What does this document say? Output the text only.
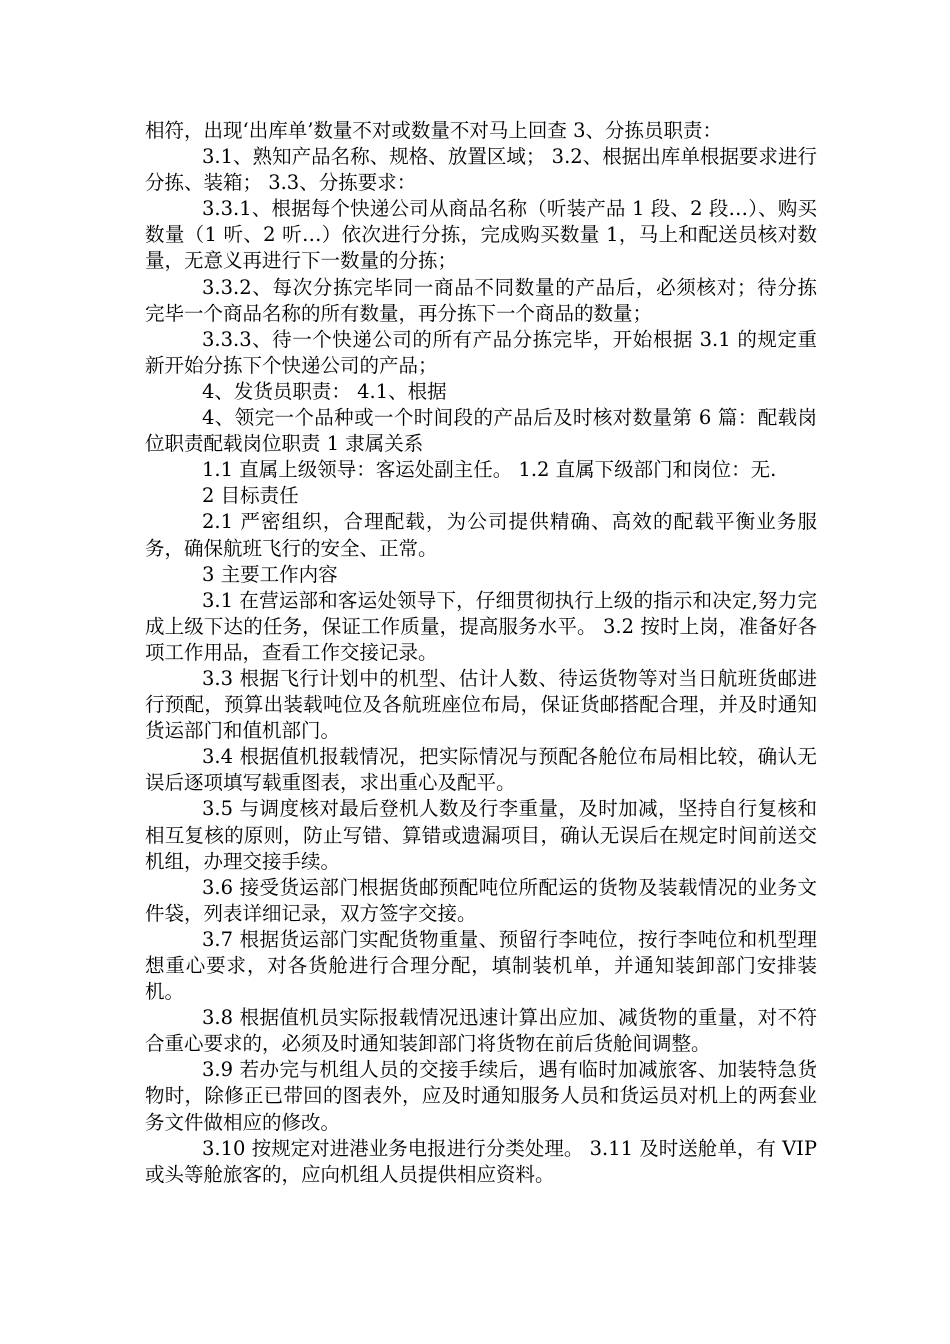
相符，出现‘出库单’数量不对或数量不对马上回查 3、分拣员职责：

3.1、熟知产品名称、规格、放置区域； 3.2、根据出库单根据要求进行分拣、装箱； 3.3、分拣要求：

3.3.1、根据每个快递公司从商品名称（听装产品 1 段、2 段…）、购买数量（1 听、2 听…）依次进行分拣，完成购买数量 1，马上和配送员核对数量，无意义再进行下一数量的分拣；

3.3.2、每次分拣完毕同一商品不同数量的产品后，必须核对；待分拣完毕一个商品名称的所有数量，再分拣下一个商品的数量；

3.3.3、待一个快递公司的所有产品分拣完毕，开始根据 3.1 的规定重新开始分拣下个快递公司的产品；

4、发货员职责： 4.1、根据

4、领完一个品种或一个时间段的产品后及时核对数量第 6 篇：配载岗位职责配载岗位职责 1 隶属关系

1.1 直属上级领导：客运处副主任。 1.2 直属下级部门和岗位：无.

2 目标责任

2.1 严密组织，合理配载，为公司提供精确、高效的配载平衡业务服务，确保航班飞行的安全、正常。

3 主要工作内容

3.1 在营运部和客运处领导下，仔细贯彻执行上级的指示和决定,努力完成上级下达的任务，保证工作质量，提高服务水平。 3.2 按时上岗，准备好各项工作用品，查看工作交接记录。

3.3 根据飞行计划中的机型、估计人数、待运货物等对当日航班货邮进行预配，预算出装载吨位及各航班座位布局，保证货邮搭配合理，并及时通知货运部门和值机部门。

3.4 根据值机报载情况，把实际情况与预配各舱位布局相比较，确认无误后逐项填写载重图表，求出重心及配平。

3.5 与调度核对最后登机人数及行李重量，及时加减，坚持自行复核和相互复核的原则，防止写错、算错或遗漏项目，确认无误后在规定时间前送交机组，办理交接手续。

3.6 接受货运部门根据货邮预配吨位所配运的货物及装载情况的业务文件袋，列表详细记录，双方签字交接。

3.7 根据货运部门实配货物重量、预留行李吨位，按行李吨位和机型理想重心要求，对各货舱进行合理分配，填制装机单，并通知装卸部门安排装机。

3.8 根据值机员实际报载情况迅速计算出应加、减货物的重量，对不符合重心要求的，必须及时通知装卸部门将货物在前后货舱间调整。

3.9 若办完与机组人员的交接手续后，遇有临时加减旅客、加装特急货物时，除修正已带回的图表外，应及时通知服务人员和货运员对机上的两套业务文件做相应的修改。

3.10 按规定对进港业务电报进行分类处理。 3.11 及时送舱单，有 VIP 或头等舱旅客的，应向机组人员提供相应资料。
